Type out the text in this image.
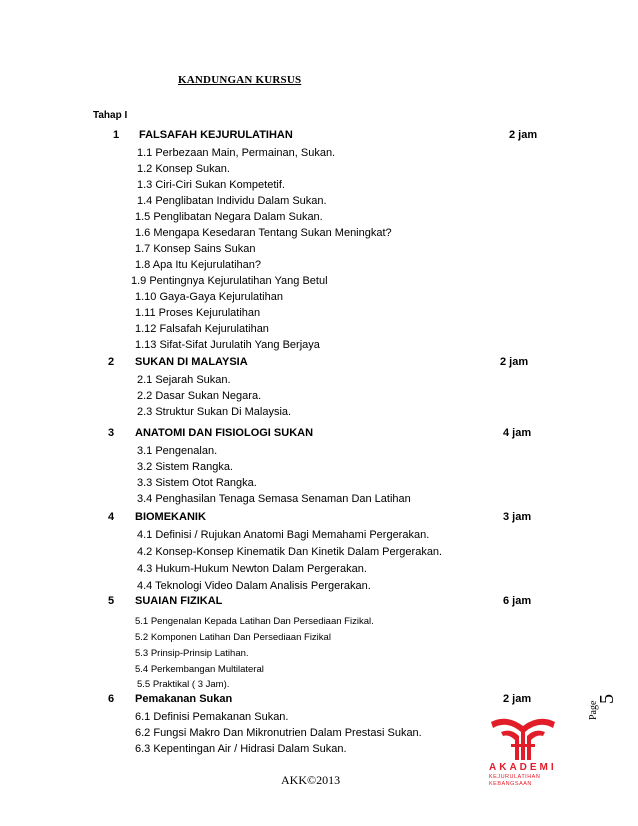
KANDUNGAN KURSUS
Tahap I
1 FALSAFAH KEJURULATIHAN	2 jam
1.1 Perbezaan Main, Permainan, Sukan.
1.2 Konsep Sukan.
1.3 Ciri-Ciri Sukan Kompetetif.
1.4 Penglibatan Individu Dalam Sukan.
1.5 Penglibatan Negara Dalam Sukan.
1.6 Mengapa Kesedaran Tentang Sukan Meningkat?
1.7 Konsep Sains Sukan
1.8 Apa Itu Kejurulatihan?
1.9 Pentingnya Kejurulatihan Yang Betul
1.10 Gaya-Gaya Kejurulatihan
1.11 Proses Kejurulatihan
1.12 Falsafah Kejurulatihan
1.13 Sifat-Sifat Jurulatih Yang Berjaya
2 SUKAN DI MALAYSIA	2 jam
2.1 Sejarah Sukan.
2.2 Dasar Sukan Negara.
2.3 Struktur Sukan Di Malaysia.
3 ANATOMI DAN FISIOLOGI SUKAN	4 jam
3.1 Pengenalan.
3.2 Sistem Rangka.
3.3 Sistem Otot Rangka.
3.4 Penghasilan Tenaga Semasa Senaman Dan Latihan
4 BIOMEKANIK	3 jam
4.1 Definisi / Rujukan Anatomi Bagi Memahami Pergerakan.
4.2 Konsep-Konsep Kinematik Dan Kinetik Dalam Pergerakan.
4.3 Hukum-Hukum Newton Dalam Pergerakan.
4.4 Teknologi Video Dalam Analisis Pergerakan.
5 SUAIAN FIZIKAL	6 jam
5.1 Pengenalan Kepada Latihan Dan Persediaan Fizikal.
5.2 Komponen Latihan Dan Persediaan Fizikal
5.3 Prinsip-Prinsip Latihan.
5.4 Perkembangan Multilateral
5.5 Praktikal ( 3 Jam).
6 Pemakanan Sukan	2 jam
6.1 Definisi Pemakanan Sukan.
6.2 Fungsi Makro Dan Mikronutrien Dalam Prestasi Sukan.
6.3 Kepentingan Air / Hidrasi Dalam Sukan.
Page
5
AKADEMI
KEJURULATIHAN
KEBANGSAAN
AKK©2013
